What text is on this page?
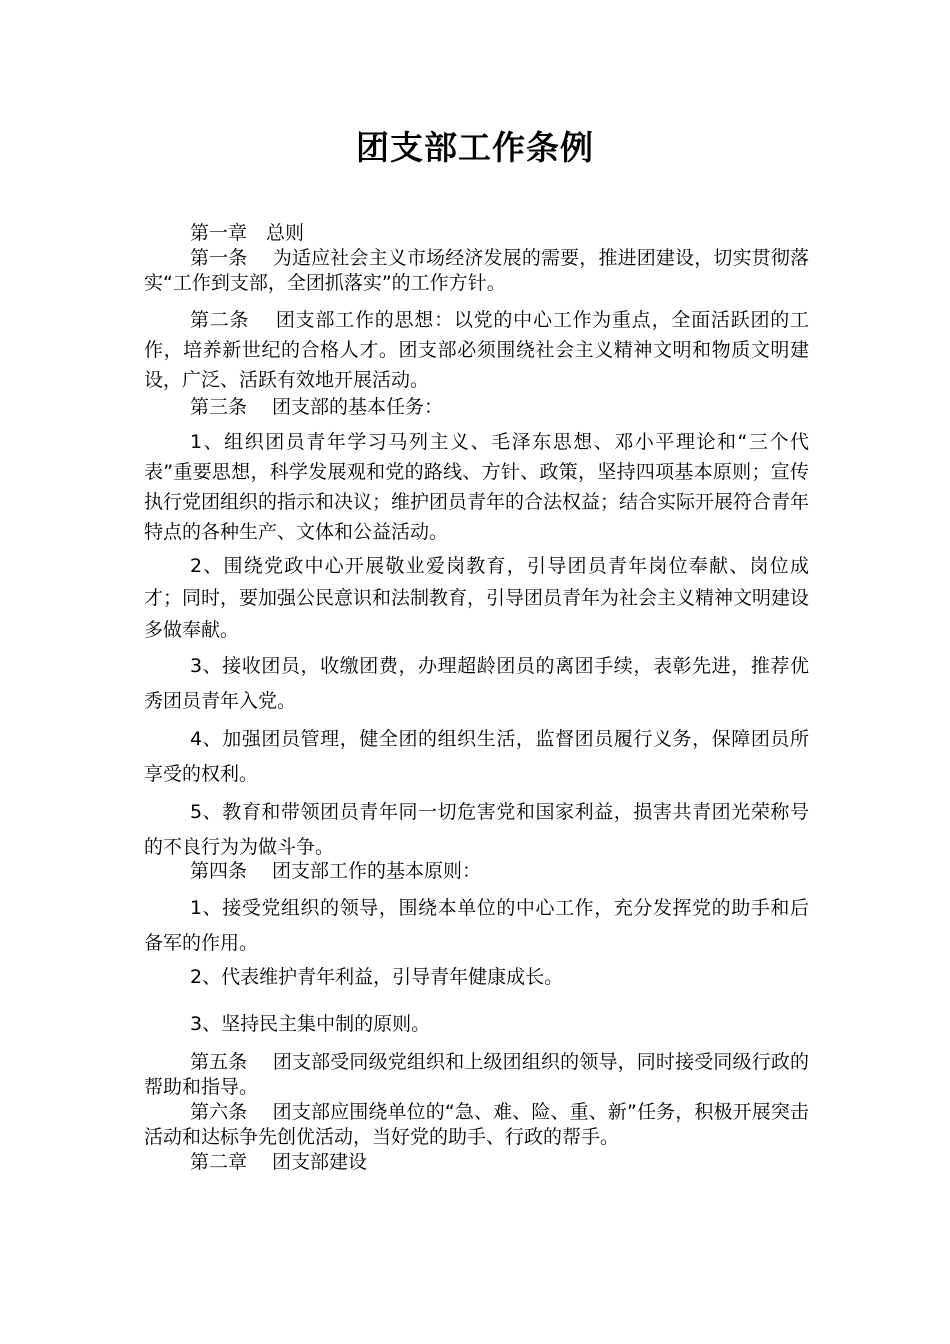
团支部工作条例

第一章　总则

第一条　 为适应社会主义市场经济发展的需要，推进团建设，切实贯彻落实“工作到支部，全团抓落实”的工作方针。

第二条　 团支部工作的思想：以党的中心工作为重点，全面活跃团的工作，培养新世纪的合格人才。团支部必须围绕社会主义精神文明和物质文明建设，广泛、活跃有效地开展活动。

第三条　 团支部的基本任务：

1、组织团员青年学习马列主义、毛泽东思想、邓小平理论和“三个代表”重要思想，科学发展观和党的路线、方针、政策，坚持四项基本原则；宣传执行党团组织的指示和决议；维护团员青年的合法权益；结合实际开展符合青年特点的各种生产、文体和公益活动。

2、围绕党政中心开展敬业爱岗教育，引导团员青年岗位奉献、岗位成才；同时，要加强公民意识和法制教育，引导团员青年为社会主义精神文明建设多做奉献。

3、接收团员，收缴团费，办理超龄团员的离团手续，表彰先进，推荐优秀团员青年入党。

4、加强团员管理，健全团的组织生活，监督团员履行义务，保障团员所享受的权利。

5、教育和带领团员青年同一切危害党和国家利益，损害共青团光荣称号的不良行为为做斗争。

第四条　 团支部工作的基本原则：

1、接受党组织的领导，围绕本单位的中心工作，充分发挥党的助手和后备军的作用。

2、代表维护青年利益，引导青年健康成长。

3、坚持民主集中制的原则。

第五条　 团支部受同级党组织和上级团组织的领导，同时接受同级行政的帮助和指导。

第六条　 团支部应围绕单位的“急、难、险、重、新”任务，积极开展突击活动和达标争先创优活动，当好党的助手、行政的帮手。

第二章　 团支部建设
